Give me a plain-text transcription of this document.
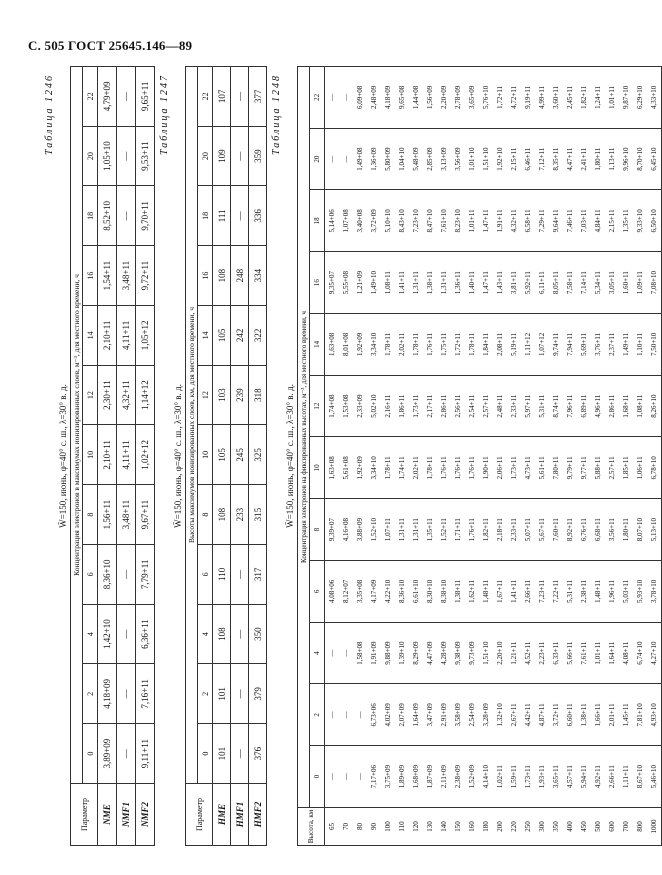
С. 505 ГОСТ 25645.146—89
Таблица 1246
W̄=150, июнь, φ=40° с. ш., λ=30° в. д.
Параметр	Концентрация электронов в максимумах ионизированных слоев, м⁻³, для местного времени, ч											
	0	2	4	6	8	10	12	14	16	18	20	22
NME	3,89+09	4,18+09	1,42+10	8,36+10	1,56+11	2,10+11	2,30+11	2,10+11	1,54+11	8,52+10	1,05+10	4,79+09
NMF1	—	—	—	—	3,48+11	4,11+11	4,32+11	4,11+11	3,48+11	—	—	—
NMF2	9,11+11	7,16+11	6,36+11	7,79+11	9,67+11	1,02+12	1,14+12	1,05+12	9,72+11	9,70+11	9,53+11	9,65+11 Таблица 1247
W̄=150, июнь, φ=40° с. ш., λ=30° в. д.
Параметр	Высоты максимумов ионизированных слоев, км, для местного времени, ч											
	0	2	4	6	8	10	12	14	16	18	20	22
HME	101	101	108	110	108	105	103	105	108	111	109	107
HMF1	—	—	—	—	233	245	239	242	248	—	—	—
HMF2	376	379	350	317	315	325	318	322	334	336	359	377 Таблица 1248
W̄=150, июнь, φ=40° с. ш., λ=30° в. д.
Высота, км	Концентрация электронов на фиксированных высотах, м⁻³, для местного времени, ч											
	0	2	4	6	8	10	12	14	16	18	20	22
65	—	—	—	4,08+06	9,39+07	1,63+08	1,74+08	1,63+08	9,35+07	5,14+06	—	—
70	—	—	—	8,12+07	4,16+08	5,61+08	1,53+08	8,01+08	5,55+08	1,07+08	—	—
80	—	—	1,58+08	3,35+08	3,88+09	1,92+09	2,33+09	1,92+09	1,21+09	3,40+08	1,49+08	6,09+08
90	7,17+06	6,73+06	1,91+09	4,17+09	1,52+10	3,34+10	5,02+10	3,34+10	1,49+10	3,72+09	1,36+09	2,48+09
100	3,75+09	4,02+09	9,88+09	4,22+10	1,07+11	1,78+11	2,16+11	1,78+11	1,08+11	5,10+10	5,80+09	4,18+09
110	1,89+09	2,07+09	1,39+10	8,36+10	1,31+11	1,74+11	1,86+11	2,02+11	1,41+11	8,43+10	1,04+10	9,65+08
120	1,68+09	1,64+09	8,29+09	6,61+10	1,31+11	2,02+11	1,73+11	1,78+11	1,31+11	7,23+10	5,48+09	1,44+08
130	1,87+09	3,47+09	4,47+09	8,30+10	1,35+11	1,78+11	2,17+11	1,76+11	1,38+11	8,47+10	2,85+09	1,56+09
140	2,11+09	2,91+09	4,28+09	8,38+10	1,52+11	1,76+11	2,86+11	1,75+11	1,31+11	7,61+10	3,13+09	2,20+09
150	2,38+09	3,58+09	9,38+09	1,38+11	1,71+11	1,76+11	2,56+11	1,72+11	1,36+11	8,23+10	3,56+09	2,78+09
160	1,52+09	2,54+09	9,73+09	1,62+11	1,76+11	1,76+11	2,54+11	1,78+11	1,40+11	1,01+11	1,01+10	3,65+09
180	4,14+10	3,28+09	1,51+10	1,48+11	1,82+11	1,90+11	2,57+11	1,84+11	1,47+11	1,47+11	1,51+10	5,76+10
200	1,02+11	1,32+10	2,20+10	1,67+11	2,18+11	2,06+11	2,48+11	2,08+11	1,43+11	1,91+11	1,92+10	1,72+11
220	1,59+11	2,67+11	1,21+11	1,41+11	2,33+11	1,73+11	2,33+11	5,19+11	3,81+11	4,32+11	2,15+11	4,72+11
250	1,73+11	4,42+11	4,52+11	2,66+11	5,07+11	4,73+11	5,97+11	1,11+12	5,92+11	6,58+11	6,46+11	9,19+11
300	1,93+11	4,87+11	2,23+11	7,23+11	5,67+11	5,61+11	5,31+11	1,07+12	6,11+11	7,29+11	7,12+11	4,99+11
350	3,65+11	3,72+11	6,33+11	7,22+11	7,60+11	7,80+11	8,74+11	9,74+11	8,05+11	9,64+11	8,35+11	3,60+11
400	4,57+11	6,60+11	5,66+11	5,31+11	8,92+11	9,79+11	7,96+11	7,94+11	7,58+11	7,46+11	4,47+11	2,45+11
450	5,94+11	1,38+11	7,61+11	2,38+11	6,76+11	9,77+11	6,89+11	5,69+11	7,14+11	7,03+11	2,41+11	1,82+11
500	4,92+11	1,66+11	1,01+11	1,48+11	6,68+11	5,88+11	4,96+11	3,76+11	5,34+11	4,84+11	1,80+11	1,24+11
600	2,66+11	2,01+11	1,64+11	1,96+11	3,56+11	2,57+11	2,86+11	2,37+11	3,05+11	2,15+11	1,13+11	1,01+11
700	1,11+11	1,45+11	4,08+11	5,03+11	1,80+11	1,85+11	1,68+11	1,49+11	1,60+11	1,35+11	9,96+10	9,87+10
800	8,67+10	7,81+10	6,74+10	5,93+10	8,07+10	1,06+11	1,08+11	1,10+11	1,09+11	9,33+10	8,70+10	6,29+10
1000	5,46+10	4,93+10	4,27+10	3,78+10	5,13+10	6,78+10	8,26+10	7,50+10	7,08+10	6,50+10	6,45+10	4,33+10
